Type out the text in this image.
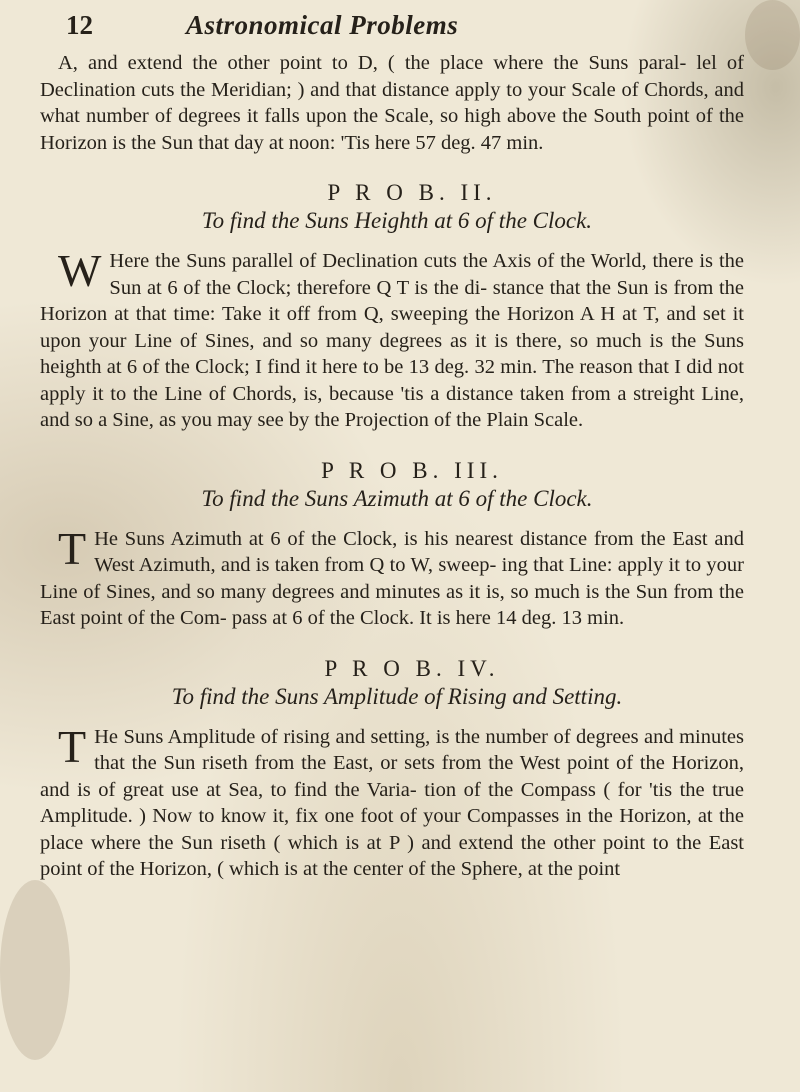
12	Astronomical Problems

A, and extend the other point to D, ( the place where the Suns paral- lel of Declination cuts the Meridian; ) and that distance apply to your Scale of Chords, and what number of degrees it falls upon the Scale, so high above the South point of the Horizon is the Sun that day at noon: 'Tis here 57 deg. 47 min.

P R O B. II.
To find the Suns Heighth at 6 of the Clock.

W Here the Suns parallel of Declination cuts the Axis of the World, there is the Sun at 6 of the Clock; therefore Q T is the di- stance that the Sun is from the Horizon at that time: Take it off from Q, sweeping the Horizon A H at T, and set it upon your Line of Sines, and so many degrees as it is there, so much is the Suns heighth at 6 of the Clock; I find it here to be 13 deg. 32 min. The reason that I did not apply it to the Line of Chords, is, because 'tis a distance taken from a streight Line, and so a Sine, as you may see by the Projection of the Plain Scale.

P R O B. III.
To find the Suns Azimuth at 6 of the Clock.

T He Suns Azimuth at 6 of the Clock, is his nearest distance from the East and West Azimuth, and is taken from Q to W, sweep- ing that Line: apply it to your Line of Sines, and so many degrees and minutes as it is, so much is the Sun from the East point of the Com- pass at 6 of the Clock. It is here 14 deg. 13 min.

P R O B. IV.
To find the Suns Amplitude of Rising and Setting.

T He Suns Amplitude of rising and setting, is the number of degrees and minutes that the Sun riseth from the East, or sets from the West point of the Horizon, and is of great use at Sea, to find the Varia- tion of the Compass ( for 'tis the true Amplitude. ) Now to know it, fix one foot of your Compasses in the Horizon, at the place where the Sun riseth ( which is at P ) and extend the other point to the East point of the Horizon, ( which is at the center of the Sphere, at the point
